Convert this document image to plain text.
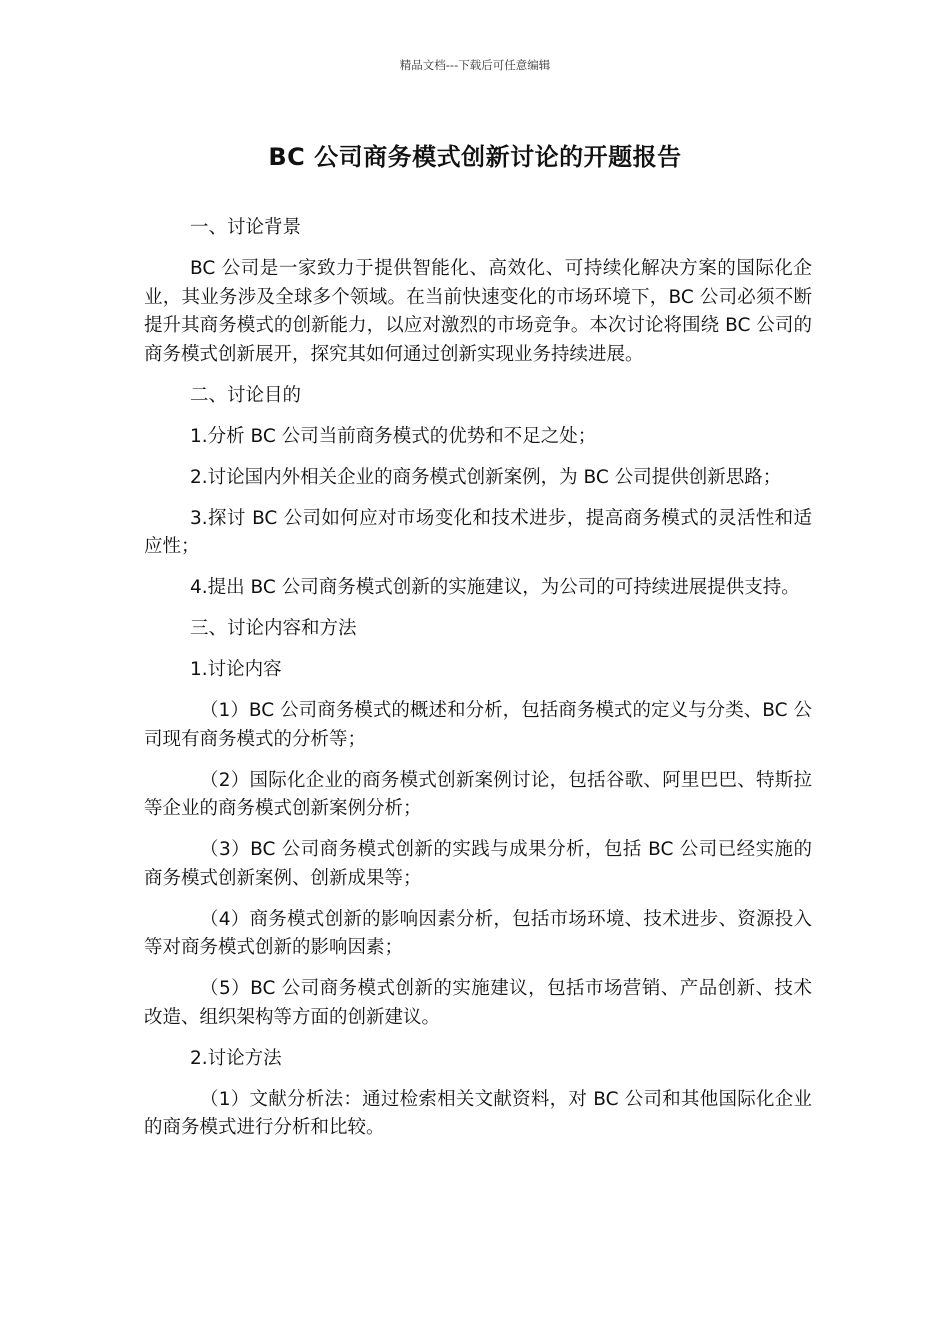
精品文档---下载后可任意编辑
BC 公司商务模式创新讨论的开题报告

一、讨论背景

BC 公司是一家致力于提供智能化、高效化、可持续化解决方案的国际化企业，其业务涉及全球多个领域。在当前快速变化的市场环境下，BC 公司必须不断提升其商务模式的创新能力，以应对激烈的市场竞争。本次讨论将围绕 BC 公司的商务模式创新展开，探究其如何通过创新实现业务持续进展。

二、讨论目的

1.分析 BC 公司当前商务模式的优势和不足之处；

2.讨论国内外相关企业的商务模式创新案例，为 BC 公司提供创新思路；

3.探讨 BC 公司如何应对市场变化和技术进步，提高商务模式的灵活性和适应性；

4.提出 BC 公司商务模式创新的实施建议，为公司的可持续进展提供支持。

三、讨论内容和方法

1.讨论内容

（1）BC 公司商务模式的概述和分析，包括商务模式的定义与分类、BC 公司现有商务模式的分析等；

（2）国际化企业的商务模式创新案例讨论，包括谷歌、阿里巴巴、特斯拉等企业的商务模式创新案例分析；

（3）BC 公司商务模式创新的实践与成果分析，包括 BC 公司已经实施的商务模式创新案例、创新成果等；

（4）商务模式创新的影响因素分析，包括市场环境、技术进步、资源投入等对商务模式创新的影响因素；

（5）BC 公司商务模式创新的实施建议，包括市场营销、产品创新、技术改造、组织架构等方面的创新建议。

2.讨论方法

（1）文献分析法：通过检索相关文献资料，对 BC 公司和其他国际化企业的商务模式进行分析和比较。
